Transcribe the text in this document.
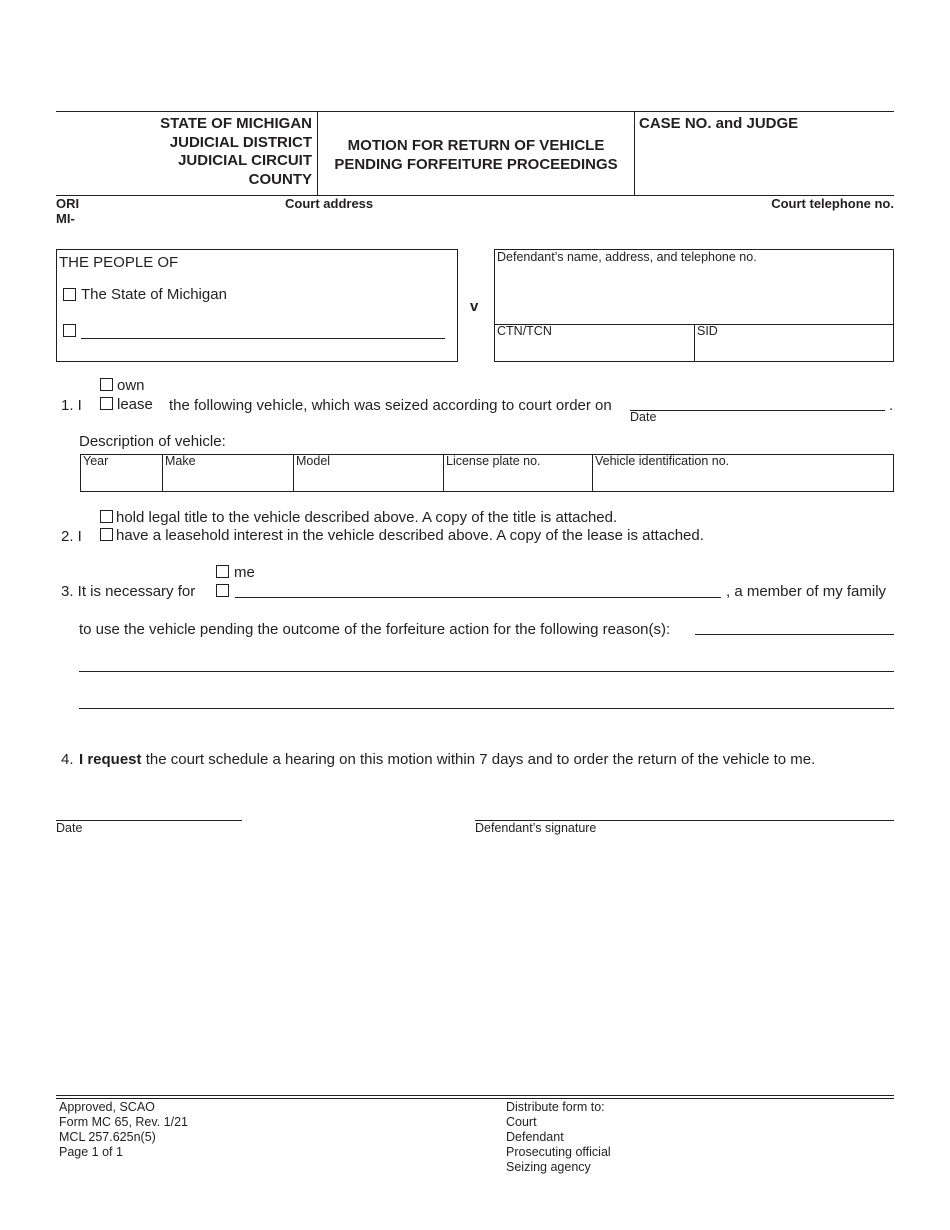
STATE OF MICHIGAN
JUDICIAL DISTRICT
JUDICIAL CIRCUIT
COUNTY
MOTION FOR RETURN OF VEHICLE
PENDING FORFEITURE PROCEEDINGS
CASE NO. and JUDGE
ORI
MI-
Court address	Court telephone no.
THE PEOPLE OF
The State of Michigan
v
Defendant’s name, address, and telephone no.
CTN/TCN	SID
own
1. I lease the following vehicle, which was seized according to court order on	.
Date
Description of vehicle:
Year	Make	Model	License plate no.	Vehicle identification no.
hold legal title to the vehicle described above. A copy of the title is attached.
2. I have a leasehold interest in the vehicle described above. A copy of the lease is attached.
me
3. It is necessary for	, a member of my family
to use the vehicle pending the outcome of the forfeiture action for the following reason(s):
4. I request the court schedule a hearing on this motion within 7 days and to order the return of the vehicle to me.
Date	Defendant’s signature
Approved, SCAO
Form MC 65, Rev. 1/21
MCL 257.625n(5)
Page 1 of 1
Distribute form to:
Court
Defendant
Prosecuting official
Seizing agency
